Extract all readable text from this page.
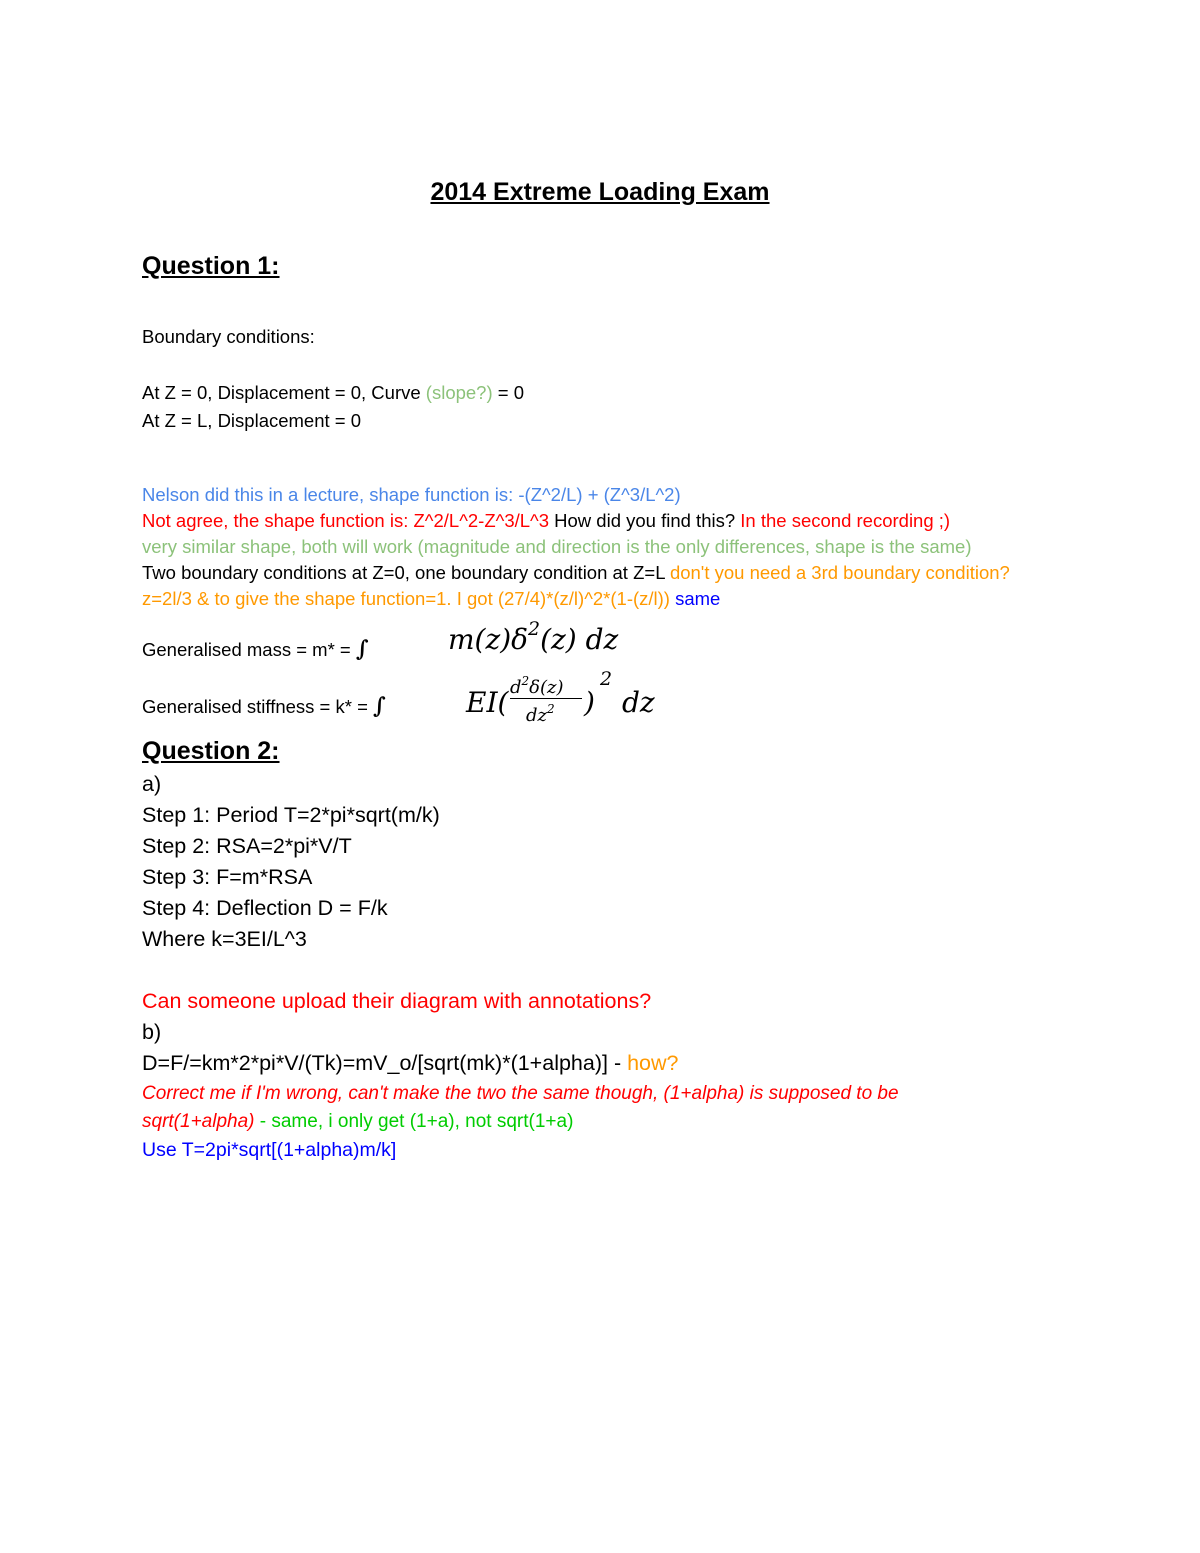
2014 Extreme Loading Exam
Question 1:
Boundary conditions:
At Z = 0, Displacement = 0, Curve (slope?) = 0
At Z = L, Displacement = 0
Nelson did this in a lecture, shape function is: -(Z^2/L) + (Z^3/L^2)
Not agree, the shape function is: Z^2/L^2-Z^3/L^3 How did you find this? In the second recording ;)
very similar shape, both will work (magnitude and direction is the only differences, shape is the same)
Two boundary conditions at Z=0, one boundary condition at Z=L don't you need a 3rd boundary condition?
z=2l/3 & to give the shape function=1. I got (27/4)*(z/l)^2*(1-(z/l)) same
Generalised mass = m* = ∫	$m(z)\delta^2(z)$ dz
Generalised stiffness = k* = ∫	EI( $d^2\delta(z)$
$dz^2$ )
2
dz
Question 2:
a)
Step 1: Period T=2*pi*sqrt(m/k)
Step 2: RSA=2*pi*V/T
Step 3: F=m*RSA
Step 4: Deflection D = F/k
Where k=3EI/L^3
Can someone upload their diagram with annotations?
b)
D=F/=km*2*pi*V/(Tk)=mV_o/[sqrt(mk)*(1+alpha)] - how?
Correct me if I'm wrong, can't make the two the same though, (1+alpha) is supposed to be
sqrt(1+alpha) - same, i only get (1+a), not sqrt(1+a)
Use T=2pi*sqrt[(1+alpha)m/k]
